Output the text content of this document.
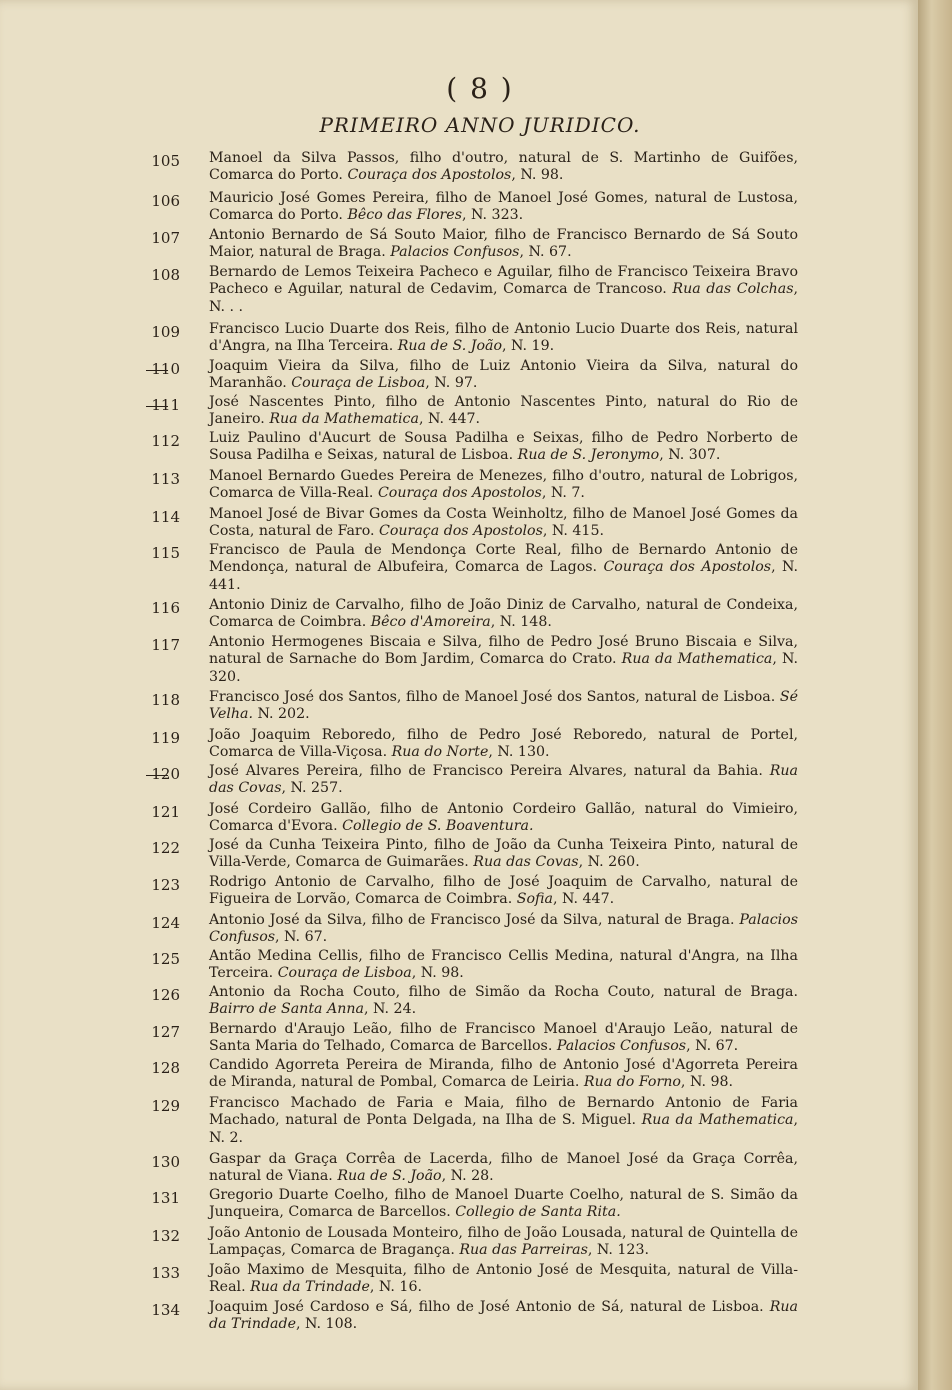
( 8 )
PRIMEIRO ANNO JURIDICO.
105 Manoel da Silva Passos, filho d'outro, natural de S. Martinho de Guifões, Comarca do Porto. Couraça dos Apostolos, N. 98.
106 Mauricio José Gomes Pereira, filho de Manoel José Gomes, natural de Lustosa, Comarca do Porto. Bêco das Flores, N. 323.
107 Antonio Bernardo de Sá Souto Maior, filho de Francisco Bernardo de Sá Souto Maior, natural de Braga. Palacios Confusos, N. 67.
108 Bernardo de Lemos Teixeira Pacheco e Aguilar, filho de Francisco Teixeira Bravo Pacheco e Aguilar, natural de Cedavim, Comarca de Trancoso. Rua das Colchas, N. . .
109 Francisco Lucio Duarte dos Reis, filho de Antonio Lucio Duarte dos Reis, natural d'Angra, na Ilha Terceira. Rua de S. João, N. 19.
110 Joaquim Vieira da Silva, filho de Luiz Antonio Vieira da Silva, natural do Maranhão. Couraça de Lisboa, N. 97.
111 José Nascentes Pinto, filho de Antonio Nascentes Pinto, natural do Rio de Janeiro. Rua da Mathematica, N. 447.
112 Luiz Paulino d'Aucurt de Sousa Padilha e Seixas, filho de Pedro Norberto de Sousa Padilha e Seixas, natural de Lisboa. Rua de S. Jeronymo, N. 307.
113 Manoel Bernardo Guedes Pereira de Menezes, filho d'outro, natural de Lobrigos, Comarca de Villa-Real. Couraça dos Apostolos, N. 7.
114 Manoel José de Bivar Gomes da Costa Weinholtz, filho de Manoel José Gomes da Costa, natural de Faro. Couraça dos Apostolos, N. 415.
115 Francisco de Paula de Mendonça Corte Real, filho de Bernardo Antonio de Mendonça, natural de Albufeira, Comarca de Lagos. Couraça dos Apostolos, N. 441.
116 Antonio Diniz de Carvalho, filho de João Diniz de Carvalho, natural de Condeixa, Comarca de Coimbra. Bêco d'Amoreira, N. 148.
117 Antonio Hermogenes Biscaia e Silva, filho de Pedro José Bruno Biscaia e Silva, natural de Sarnache do Bom Jardim, Comarca do Crato. Rua da Mathematica, N. 320.
118 Francisco José dos Santos, filho de Manoel José dos Santos, natural de Lisboa. Sé Velha. N. 202.
119 João Joaquim Reboredo, filho de Pedro José Reboredo, natural de Portel, Comarca de Villa-Viçosa. Rua do Norte, N. 130.
120 José Alvares Pereira, filho de Francisco Pereira Alvares, natural da Bahia. Rua das Covas, N. 257.
121 José Cordeiro Gallão, filho de Antonio Cordeiro Gallão, natural do Vimieiro, Comarca d'Evora. Collegio de S. Boaventura.
122 José da Cunha Teixeira Pinto, filho de João da Cunha Teixeira Pinto, natural de Villa-Verde, Comarca de Guimarães. Rua das Covas, N. 260.
123 Rodrigo Antonio de Carvalho, filho de José Joaquim de Carvalho, natural de Figueira de Lorvão, Comarca de Coimbra. Sofia, N. 447.
124 Antonio José da Silva, filho de Francisco José da Silva, natural de Braga. Palacios Confusos, N. 67.
125 Antão Medina Cellis, filho de Francisco Cellis Medina, natural d'Angra, na Ilha Terceira. Couraça de Lisboa, N. 98.
126 Antonio da Rocha Couto, filho de Simão da Rocha Couto, natural de Braga. Bairro de Santa Anna, N. 24.
127 Bernardo d'Araujo Leão, filho de Francisco Manoel d'Araujo Leão, natural de Santa Maria do Telhado, Comarca de Barcellos. Palacios Confusos, N. 67.
128 Candido Agorreta Pereira de Miranda, filho de Antonio José d'Agorreta Pereira de Miranda, natural de Pombal, Comarca de Leiria. Rua do Forno, N. 98.
129 Francisco Machado de Faria e Maia, filho de Bernardo Antonio de Faria Machado, natural de Ponta Delgada, na Ilha de S. Miguel. Rua da Mathematica, N. 2.
130 Gaspar da Graça Corrêa de Lacerda, filho de Manoel José da Graça Corrêa, natural de Viana. Rua de S. João, N. 28.
131 Gregorio Duarte Coelho, filho de Manoel Duarte Coelho, natural de S. Simão da Junqueira, Comarca de Barcellos. Collegio de Santa Rita.
132 João Antonio de Lousada Monteiro, filho de João Lousada, natural de Quintella de Lampaças, Comarca de Bragança. Rua das Parreiras, N. 123.
133 João Maximo de Mesquita, filho de Antonio José de Mesquita, natural de Villa-Real. Rua da Trindade, N. 16.
134 Joaquim José Cardoso e Sá, filho de José Antonio de Sá, natural de Lisboa. Rua da Trindade, N. 108.
